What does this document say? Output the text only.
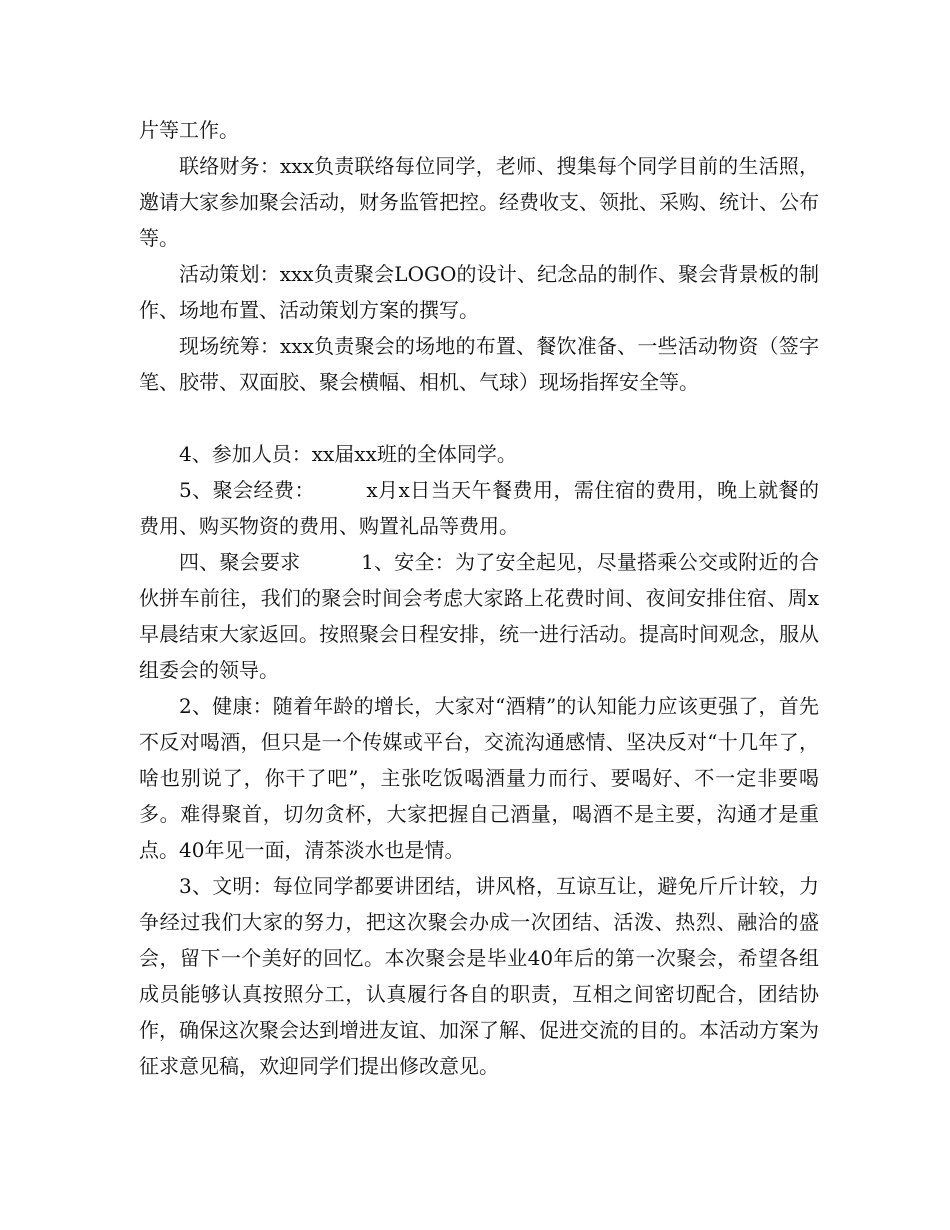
片等工作。

联络财务：xxx负责联络每位同学，老师、搜集每个同学目前的生活照，邀请大家参加聚会活动，财务监管把控。经费收支、领批、采购、统计、公布等。

活动策划：xxx负责聚会LOGO的设计、纪念品的制作、聚会背景板的制作、场地布置、活动策划方案的撰写。

现场统筹：xxx负责聚会的场地的布置、餐饮准备、一些活动物资（签字笔、胶带、双面胶、聚会横幅、相机、气球）现场指挥安全等。

4、参加人员：xx届xx班的全体同学。

5、聚会经费：　　　x月x日当天午餐费用，需住宿的费用，晚上就餐的费用、购买物资的费用、购置礼品等费用。

四、聚会要求　　　1、安全：为了安全起见，尽量搭乘公交或附近的合伙拼车前往，我们的聚会时间会考虑大家路上花费时间、夜间安排住宿、周x早晨结束大家返回。按照聚会日程安排，统一进行活动。提高时间观念，服从组委会的领导。

2、健康：随着年龄的增长，大家对“酒精”的认知能力应该更强了，首先不反对喝酒，但只是一个传媒或平台，交流沟通感情、坚决反对“十几年了，啥也别说了，你干了吧”，主张吃饭喝酒量力而行、要喝好、不一定非要喝多。难得聚首，切勿贪杯，大家把握自己酒量，喝酒不是主要，沟通才是重点。40年见一面，清茶淡水也是情。

3、文明：每位同学都要讲团结，讲风格，互谅互让，避免斤斤计较，力争经过我们大家的努力，把这次聚会办成一次团结、活泼、热烈、融洽的盛会，留下一个美好的回忆。本次聚会是毕业40年后的第一次聚会，希望各组成员能够认真按照分工，认真履行各自的职责，互相之间密切配合，团结协作，确保这次聚会达到增进友谊、加深了解、促进交流的目的。本活动方案为征求意见稿，欢迎同学们提出修改意见。
